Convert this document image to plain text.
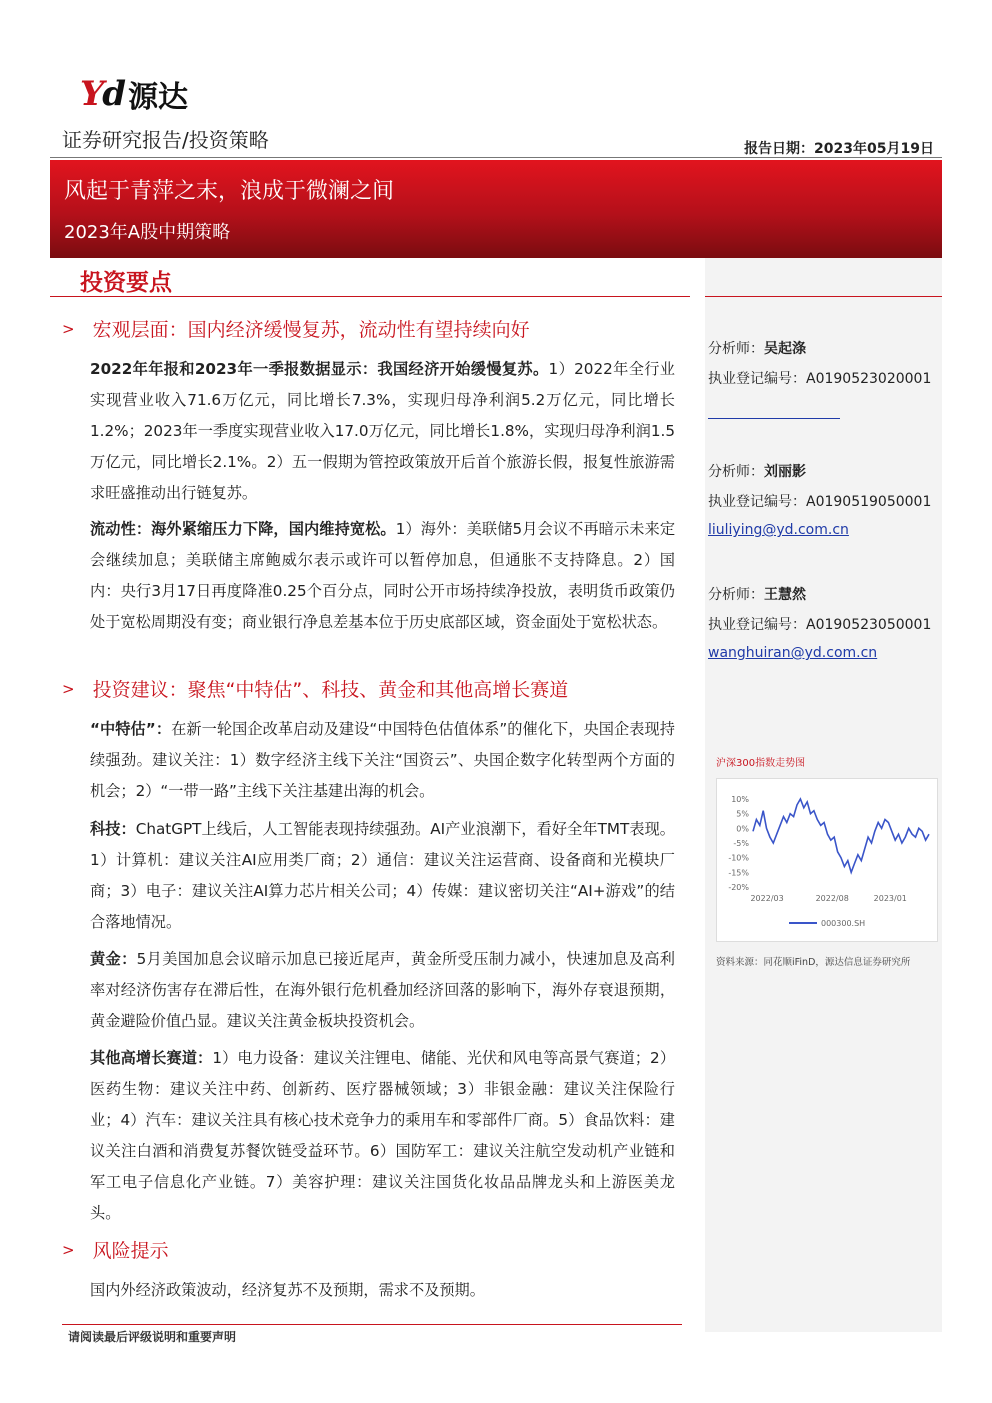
Yd 源达
证券研究报告/投资策略	报告日期：2023年05月19日
风起于青萍之末，浪成于微澜之间
2023年A股中期策略
投资要点
> 宏观层面：国内经济缓慢复苏，流动性有望持续向好
2022年年报和2023年一季报数据显示：我国经济开始缓慢复苏。1）2022年全行业实现营业收入71.6万亿元，同比增长7.3%，实现归母净利润5.2万亿元，同比增长1.2%；2023年一季度实现营业收入17.0万亿元，同比增长1.8%，实现归母净利润1.5万亿元，同比增长2.1%。2）五一假期为管控政策放开后首个旅游长假，报复性旅游需求旺盛推动出行链复苏。
流动性：海外紧缩压力下降，国内维持宽松。1）海外：美联储5月会议不再暗示未来定会继续加息；美联储主席鲍威尔表示或许可以暂停加息，但通胀不支持降息。2）国内：央行3月17日再度降准0.25个百分点，同时公开市场持续净投放，表明货币政策仍处于宽松周期没有变；商业银行净息差基本位于历史底部区域，资金面处于宽松状态。
> 投资建议：聚焦“中特估”、科技、黄金和其他高增长赛道
“中特估”：在新一轮国企改革启动及建设“中国特色估值体系”的催化下，央国企表现持续强劲。建议关注：1）数字经济主线下关注“国资云”、央国企数字化转型两个方面的机会；2）“一带一路”主线下关注基建出海的机会。
科技：ChatGPT上线后，人工智能表现持续强劲。AI产业浪潮下，看好全年TMT表现。1）计算机：建议关注AI应用类厂商；2）通信：建议关注运营商、设备商和光模块厂商；3）电子：建议关注AI算力芯片相关公司；4）传媒：建议密切关注“AI+游戏”的结合落地情况。
黄金：5月美国加息会议暗示加息已接近尾声，黄金所受压制力减小，快速加息及高利率对经济伤害存在滞后性，在海外银行危机叠加经济回落的影响下，海外存衰退预期，黄金避险价值凸显。建议关注黄金板块投资机会。
其他高增长赛道：1）电力设备：建议关注锂电、储能、光伏和风电等高景气赛道；2）医药生物：建议关注中药、创新药、医疗器械领域；3）非银金融：建议关注保险行业；4）汽车：建议关注具有核心技术竞争力的乘用车和零部件厂商。5）食品饮料：建议关注白酒和消费复苏餐饮链受益环节。6）国防军工：建议关注航空发动机产业链和军工电子信息化产业链。7）美容护理：建议关注国货化妆品品牌龙头和上游医美龙头。
> 风险提示
国内外经济政策波动，经济复苏不及预期，需求不及预期。
分析师：吴起涤
执业登记编号：A0190523020001
分析师：刘丽影
执业登记编号：A0190519050001
liuliying@yd.com.cn
分析师：王慧然
执业登记编号：A0190523050001
wanghuiran@yd.com.cn
沪深300指数走势图
10%
5%
0%
-5%
-10%
-15%
-20%
2022/03	2022/08	2023/01
000300.SH
资料来源：同花顺iFinD，源达信息证券研究所
请阅读最后评级说明和重要声明
